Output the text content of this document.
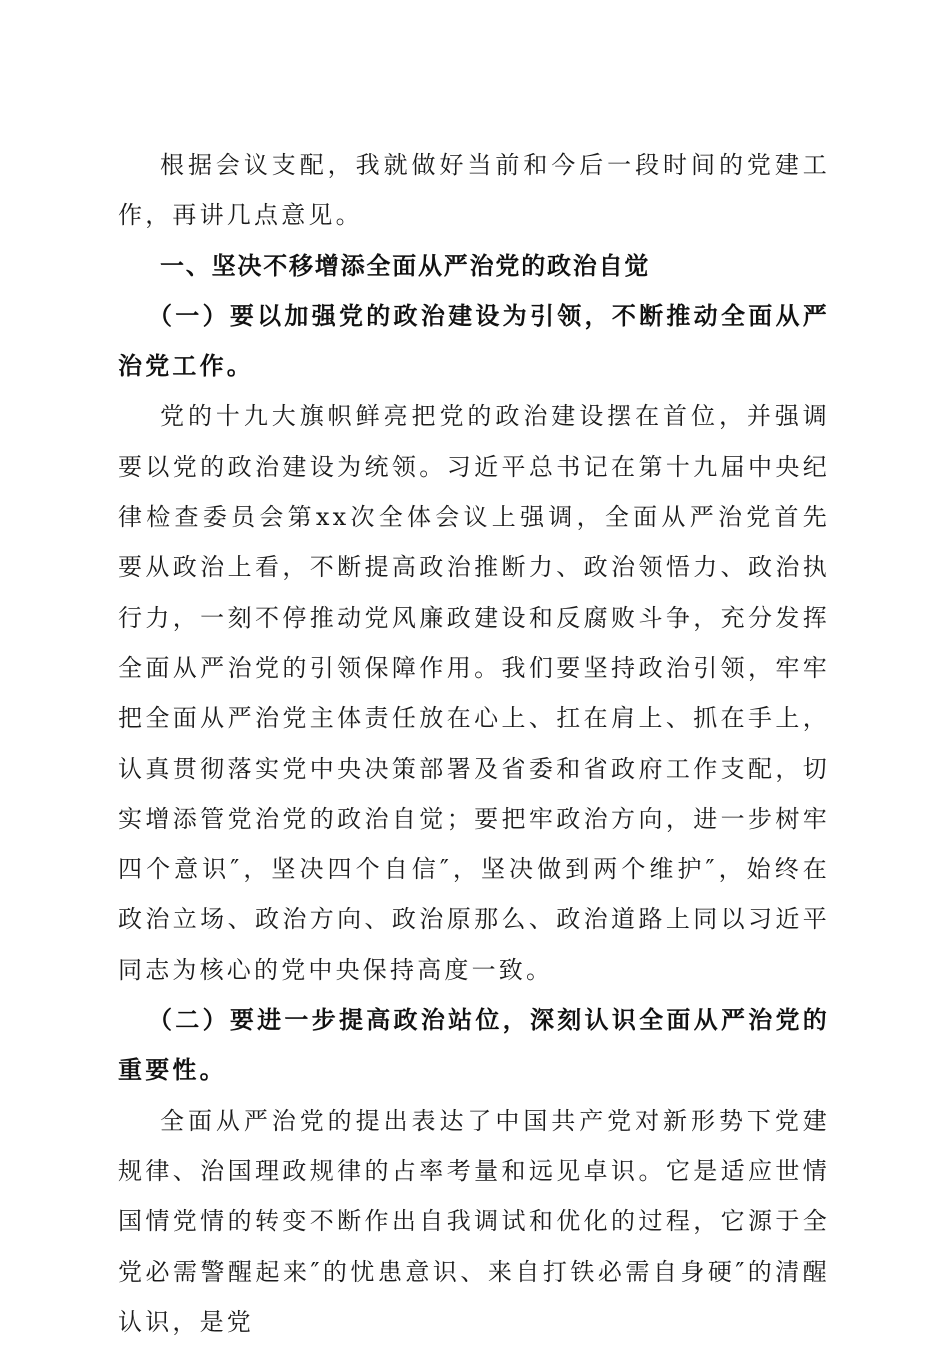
根据会议支配，我就做好当前和今后一段时间的党建工作，再讲几点意见。

一、坚决不移增添全面从严治党的政治自觉

（一）要以加强党的政治建设为引领，不断推动全面从严治党工作。

党的十九大旗帜鲜亮把党的政治建设摆在首位，并强调要以党的政治建设为统领。习近平总书记在第十九届中央纪律检查委员会第xx次全体会议上强调，全面从严治党首先要从政治上看，不断提高政治推断力、政治领悟力、政治执行力，一刻不停推动党风廉政建设和反腐败斗争，充分发挥全面从严治党的引领保障作用。我们要坚持政治引领，牢牢把全面从严治党主体责任放在心上、扛在肩上、抓在手上，认真贯彻落实党中央决策部署及省委和省政府工作支配，切实增添管党治党的政治自觉；要把牢政治方向，进一步树牢四个意识″，坚决四个自信″，坚决做到两个维护″，始终在政治立场、政治方向、政治原那么、政治道路上同以习近平同志为核心的党中央保持高度一致。

（二）要进一步提高政治站位，深刻认识全面从严治党的重要性。

全面从严治党的提出表达了中国共产党对新形势下党建规律、治国理政规律的占率考量和远见卓识。它是适应世情国情党情的转变不断作出自我调试和优化的过程，它源于全党必需警醒起来″的忧患意识、来自打铁必需自身硬″的清醒认识，是党
